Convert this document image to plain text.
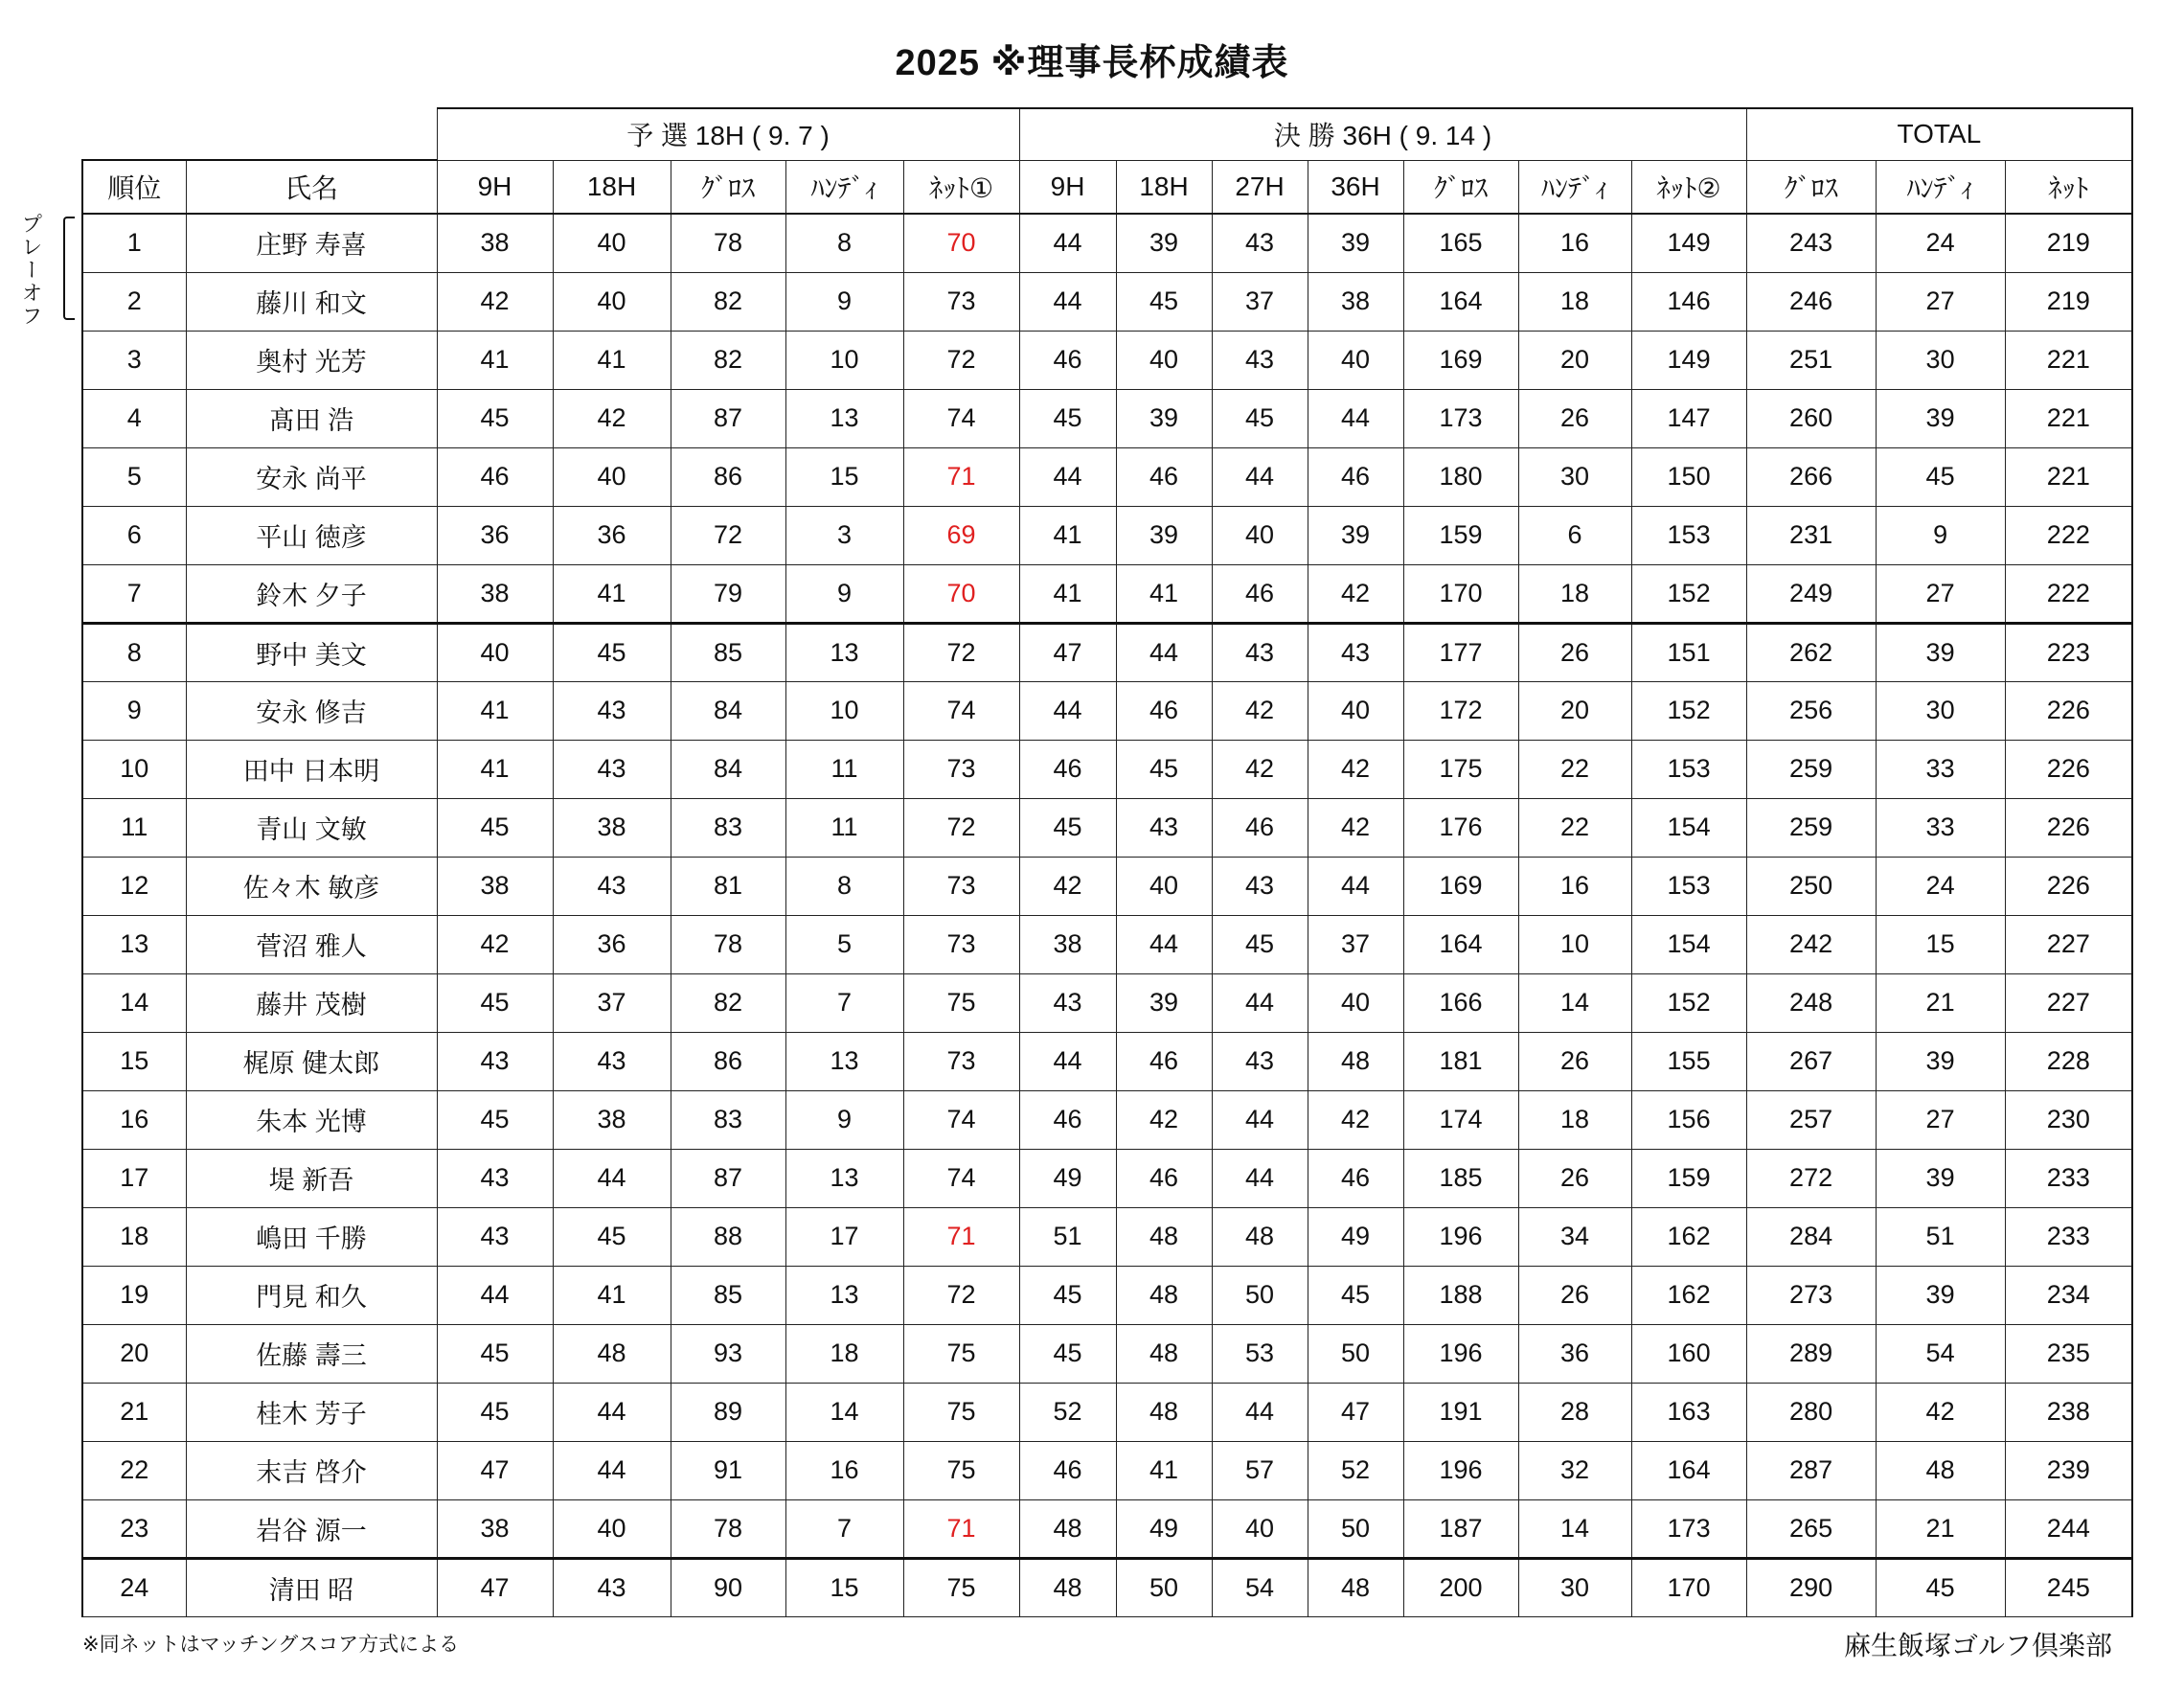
2025 ※理事長杯成績表
プレーオフ
		予 選 18H ( 9. 7 )					決 勝 36H ( 9. 14 )							TOTAL		
順位	氏名	9H	18H	ｸﾞﾛｽ	ﾊﾝﾃﾞｨ	ﾈｯﾄ①	9H	18H	27H	36H	ｸﾞﾛｽ	ﾊﾝﾃﾞｨ	ﾈｯﾄ②	ｸﾞﾛｽ	ﾊﾝﾃﾞｨ	ﾈｯﾄ
1	庄野 寿喜	38	40	78	8	70	44	39	43	39	165	16	149	243	24	219
2	藤川 和文	42	40	82	9	73	44	45	37	38	164	18	146	246	27	219
3	奥村 光芳	41	41	82	10	72	46	40	43	40	169	20	149	251	30	221
4	髙田 浩	45	42	87	13	74	45	39	45	44	173	26	147	260	39	221
5	安永 尚平	46	40	86	15	71	44	46	44	46	180	30	150	266	45	221
6	平山 徳彦	36	36	72	3	69	41	39	40	39	159	6	153	231	9	222
7	鈴木 夕子	38	41	79	9	70	41	41	46	42	170	18	152	249	27	222
8	野中 美文	40	45	85	13	72	47	44	43	43	177	26	151	262	39	223
9	安永 修吉	41	43	84	10	74	44	46	42	40	172	20	152	256	30	226
10	田中 日本明	41	43	84	11	73	46	45	42	42	175	22	153	259	33	226
11	青山 文敏	45	38	83	11	72	45	43	46	42	176	22	154	259	33	226
12	佐々木 敏彦	38	43	81	8	73	42	40	43	44	169	16	153	250	24	226
13	菅沼 雅人	42	36	78	5	73	38	44	45	37	164	10	154	242	15	227
14	藤井 茂樹	45	37	82	7	75	43	39	44	40	166	14	152	248	21	227
15	梶原 健太郎	43	43	86	13	73	44	46	43	48	181	26	155	267	39	228
16	朱本 光博	45	38	83	9	74	46	42	44	42	174	18	156	257	27	230
17	堤 新吾	43	44	87	13	74	49	46	44	46	185	26	159	272	39	233
18	嶋田 千勝	43	45	88	17	71	51	48	48	49	196	34	162	284	51	233
19	門見 和久	44	41	85	13	72	45	48	50	45	188	26	162	273	39	234
20	佐藤 壽三	45	48	93	18	75	45	48	53	50	196	36	160	289	54	235
21	桂木 芳子	45	44	89	14	75	52	48	44	47	191	28	163	280	42	238
22	末吉 啓介	47	44	91	16	75	46	41	57	52	196	32	164	287	48	239
23	岩谷 源一	38	40	78	7	71	48	49	40	50	187	14	173	265	21	244
24	清田 昭	47	43	90	15	75	48	50	54	48	200	30	170	290	45	245
※同ネットはマッチングスコア方式による	麻生飯塚ゴルフ倶楽部
